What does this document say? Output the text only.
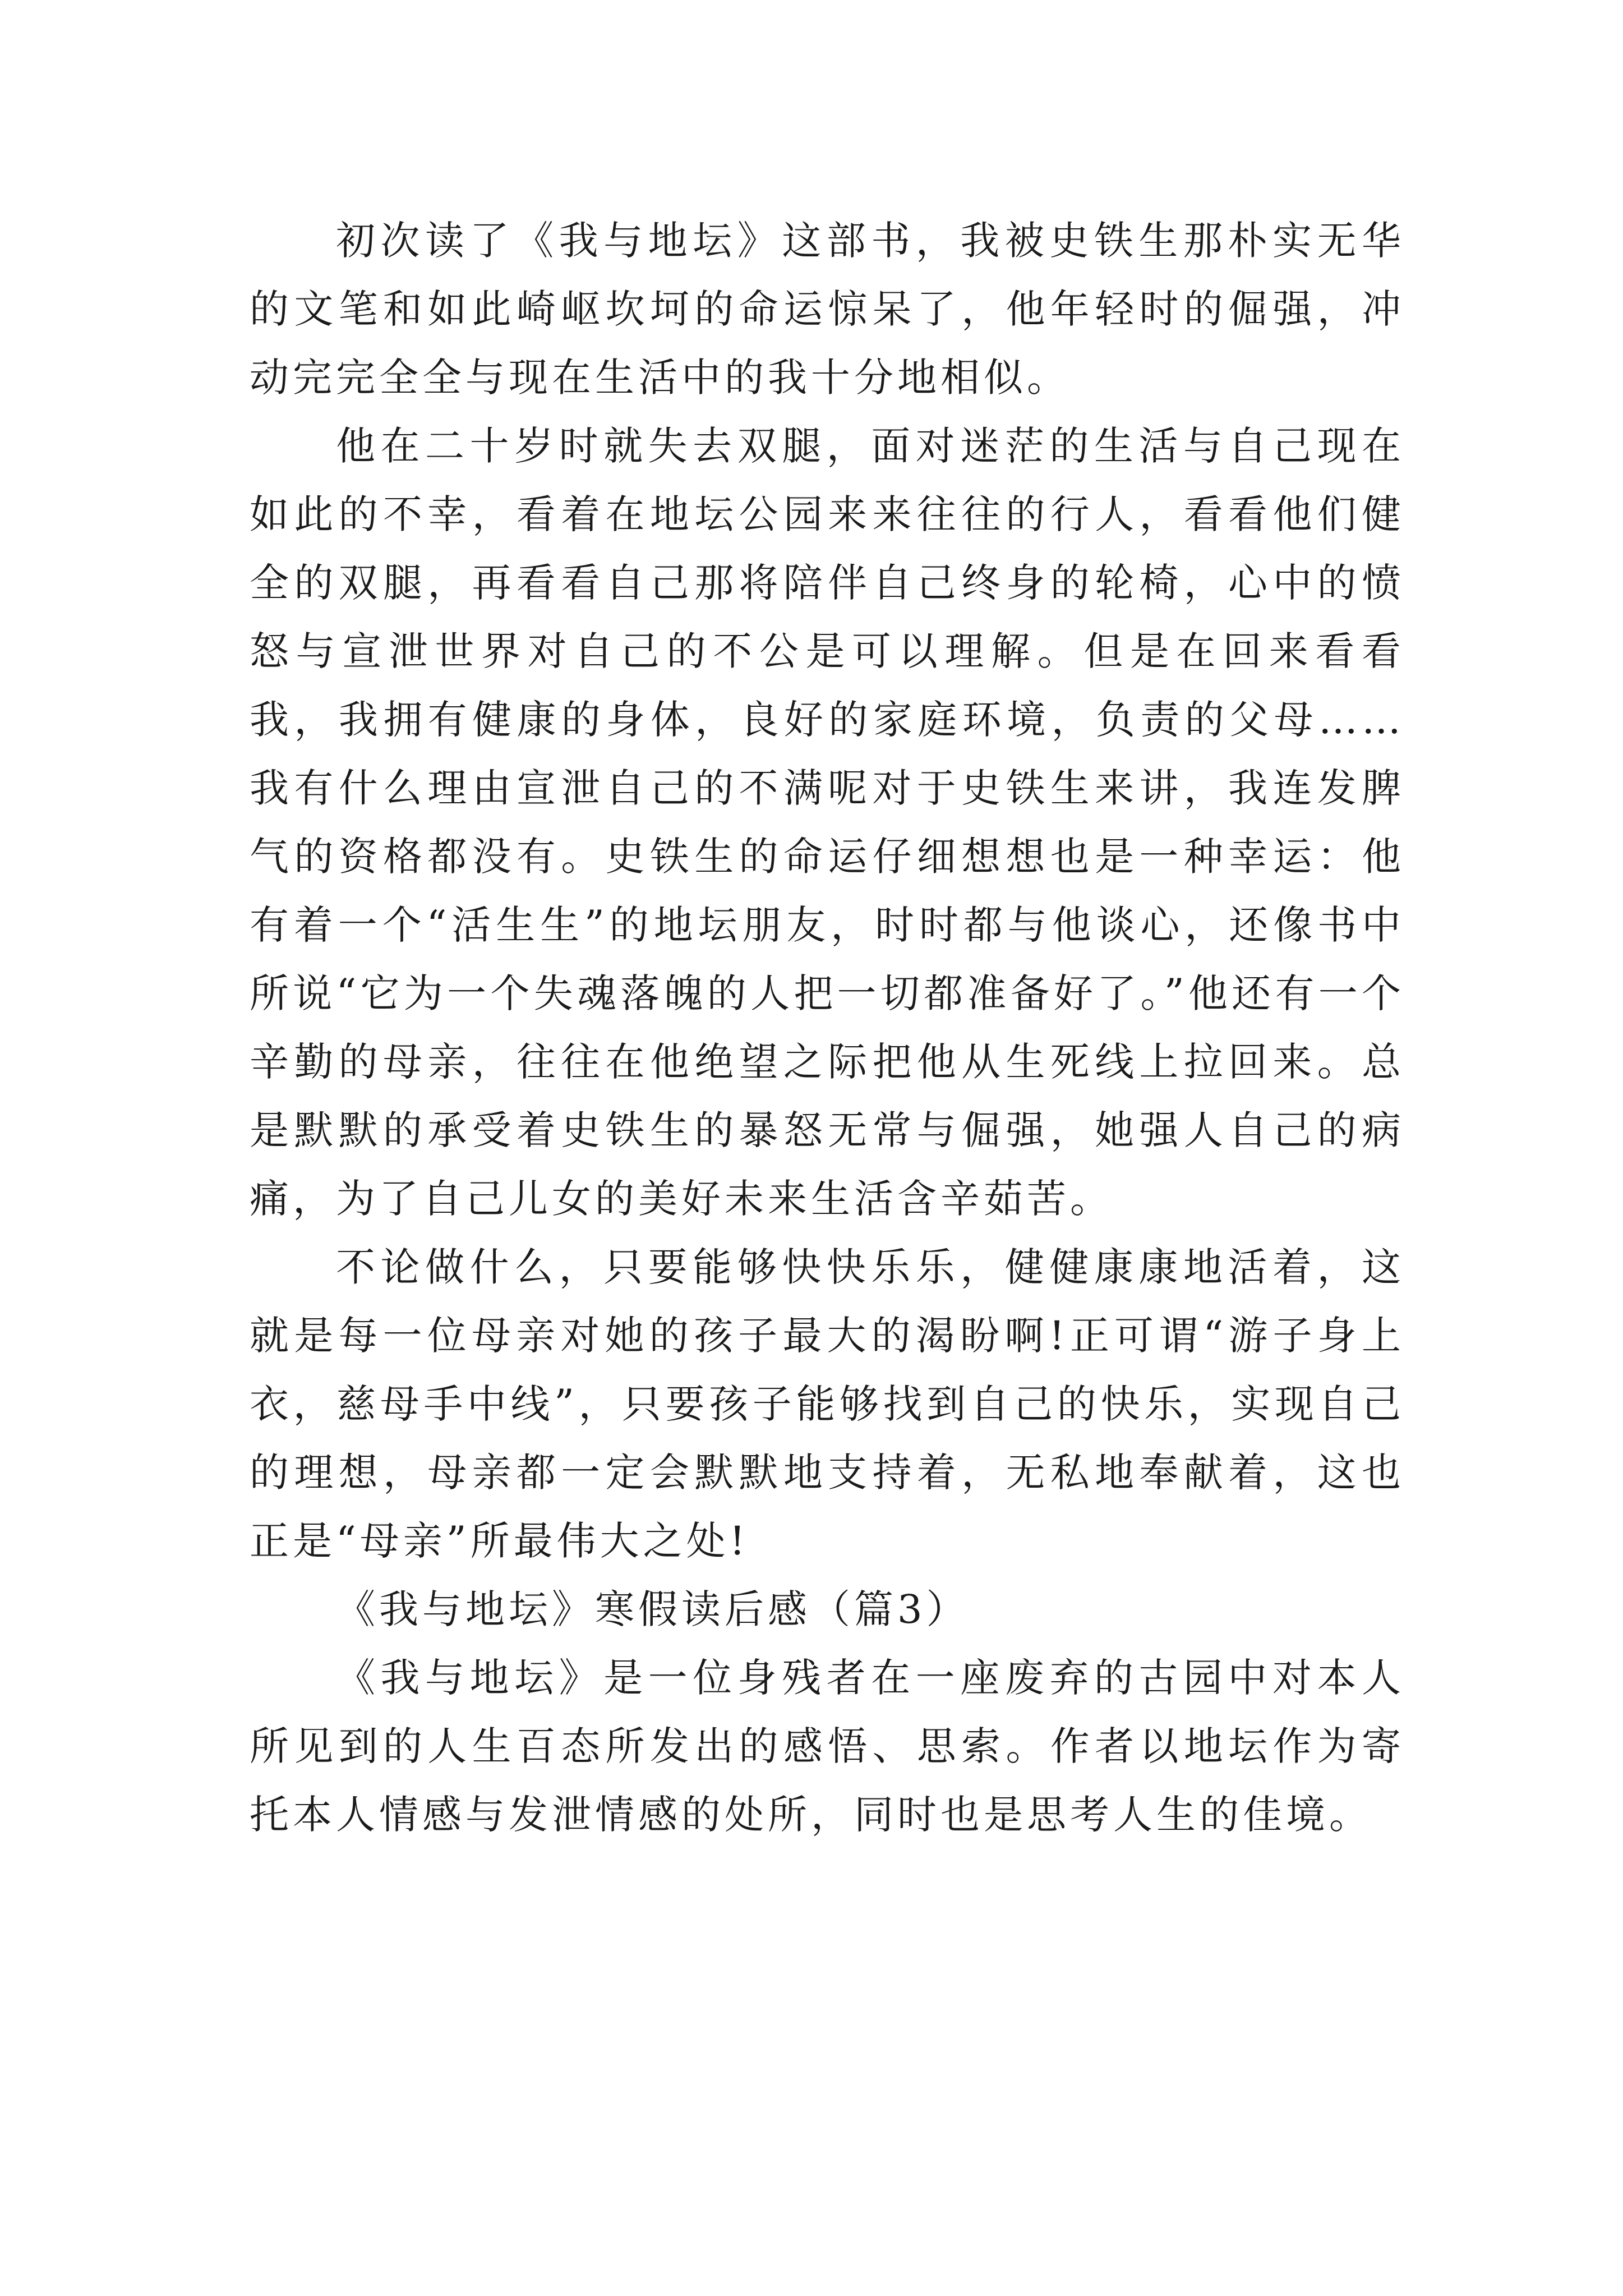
初次读了《我与地坛》这部书，我被史铁生那朴实无华的文笔和如此崎岖坎坷的命运惊呆了，他年轻时的倔强，冲动完完全全与现在生活中的我十分地相似。

他在二十岁时就失去双腿，面对迷茫的生活与自己现在如此的不幸，看着在地坛公园来来往往的行人，看看他们健全的双腿，再看看自己那将陪伴自己终身的轮椅，心中的愤怒与宣泄世界对自己的不公是可以理解。但是在回来看看我，我拥有健康的身体，良好的家庭环境，负责的父母……我有什么理由宣泄自己的不满呢对于史铁生来讲，我连发脾气的资格都没有。史铁生的命运仔细想想也是一种幸运：他有着一个“活生生”的地坛朋友，时时都与他谈心，还像书中所说“它为一个失魂落魄的人把一切都准备好了。”他还有一个辛勤的母亲，往往在他绝望之际把他从生死线上拉回来。总是默默的承受着史铁生的暴怒无常与倔强，她强人自己的病痛，为了自己儿女的美好未来生活含辛茹苦。

不论做什么，只要能够快快乐乐，健健康康地活着，这就是每一位母亲对她的孩子最大的渴盼啊!正可谓“游子身上衣，慈母手中线”，只要孩子能够找到自己的快乐，实现自己的理想，母亲都一定会默默地支持着，无私地奉献着，这也正是“母亲”所最伟大之处!

《我与地坛》寒假读后感（篇3）

《我与地坛》是一位身残者在一座废弃的古园中对本人所见到的人生百态所发出的感悟、思索。作者以地坛作为寄托本人情感与发泄情感的处所，同时也是思考人生的佳境。
